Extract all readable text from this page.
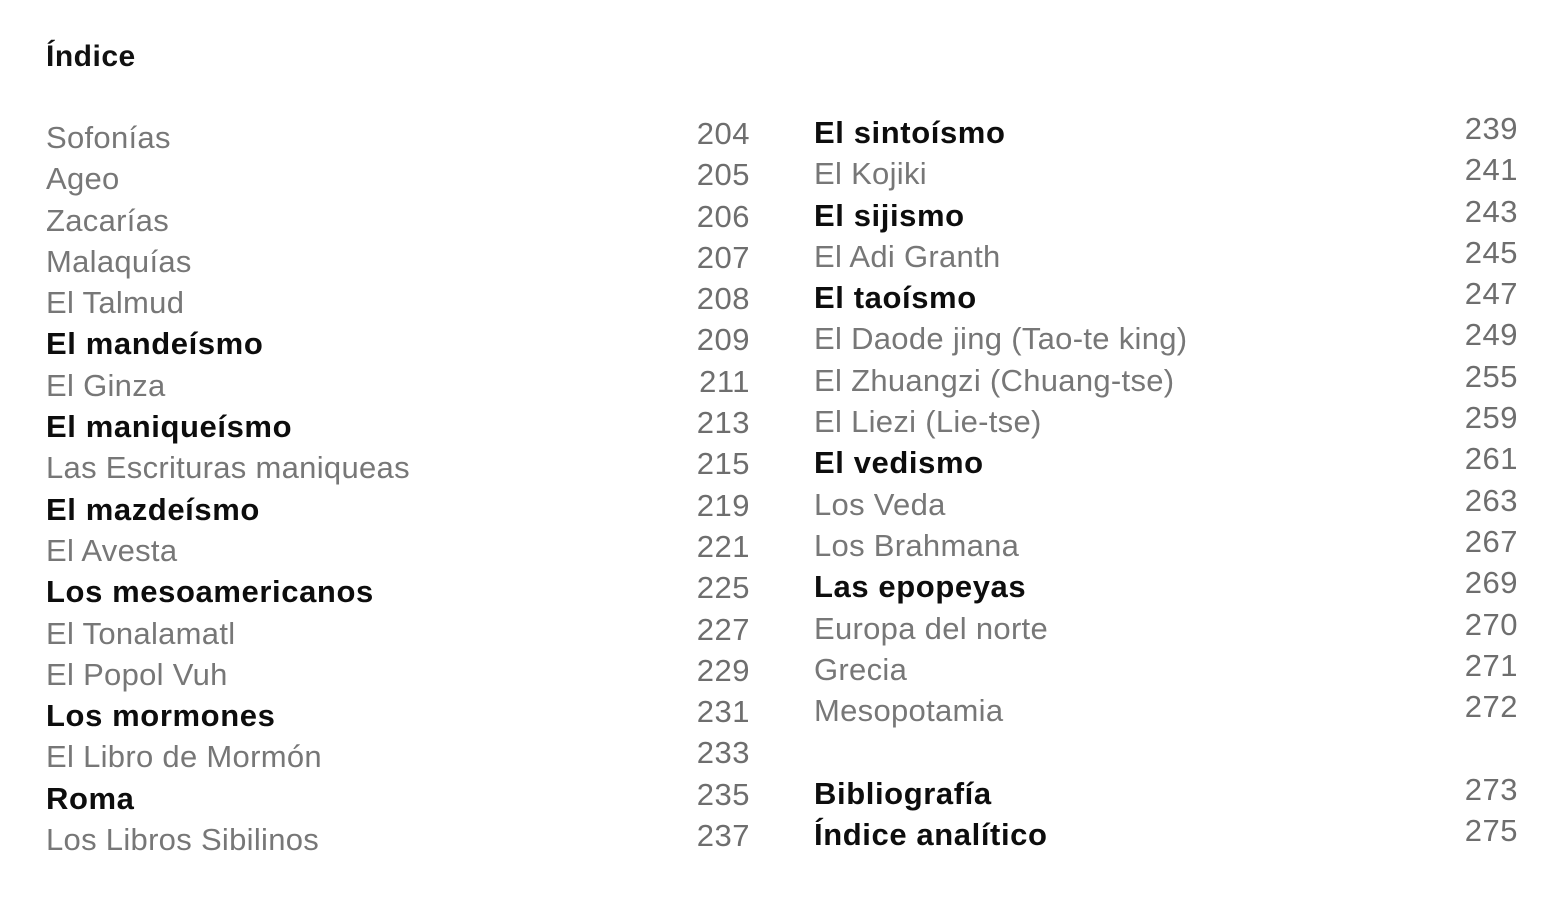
Índice
Sofonías	204
Ageo	205
Zacarías	206
Malaquías	207
El Talmud	208
El mandeísmo	209
El Ginza	211
El maniqueísmo	213
Las Escrituras maniqueas	215
El mazdeísmo	219
El Avesta	221
Los mesoamericanos	225
El Tonalamatl	227
El Popol Vuh	229
Los mormones	231
El Libro de Mormón	233
Roma	235
Los Libros Sibilinos	237
El sintoísmo	239
El Kojiki	241
El sijismo	243
El Adi Granth	245
El taoísmo	247
El Daode jing (Tao-te king)	249
El Zhuangzi (Chuang-tse)	255
El Liezi (Lie-tse)	259
El vedismo	261
Los Veda	263
Los Brahmana	267
Las epopeyas	269
Europa del norte	270
Grecia	271
Mesopotamia	272
Bibliografía	273
Índice analítico	275
